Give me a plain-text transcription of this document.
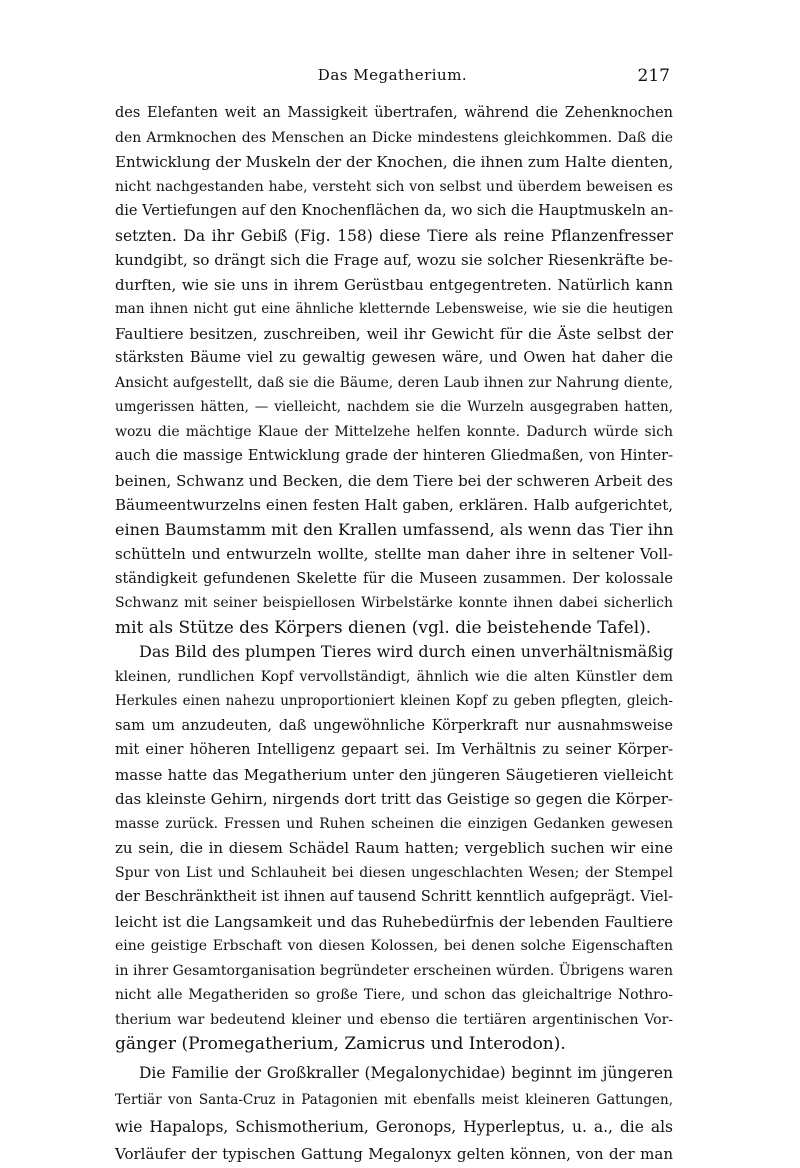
Das Megatherium.	217
des Elefanten weit an Massigkeit übertrafen, während die Zehenknochen
den Armknochen des Menschen an Dicke mindestens gleichkommen. Daß die
Entwicklung der Muskeln der der Knochen, die ihnen zum Halte dienten,
nicht nachgestanden habe, versteht sich von selbst und überdem beweisen es
die Vertiefungen auf den Knochenflächen da, wo sich die Hauptmuskeln an-
setzten. Da ihr Gebiß (Fig. 158) diese Tiere als reine Pflanzenfresser
kundgibt, so drängt sich die Frage auf, wozu sie solcher Riesenkräfte be-
durften, wie sie uns in ihrem Gerüstbau entgegentreten. Natürlich kann
man ihnen nicht gut eine ähnliche kletternde Lebensweise, wie sie die heutigen
Faultiere besitzen, zuschreiben, weil ihr Gewicht für die Äste selbst der
stärksten Bäume viel zu gewaltig gewesen wäre, und Owen hat daher die
Ansicht aufgestellt, daß sie die Bäume, deren Laub ihnen zur Nahrung diente,
umgerissen hätten, — vielleicht, nachdem sie die Wurzeln ausgegraben hatten,
wozu die mächtige Klaue der Mittelzehe helfen konnte. Dadurch würde sich
auch die massige Entwicklung grade der hinteren Gliedmaßen, von Hinter-
beinen, Schwanz und Becken, die dem Tiere bei der schweren Arbeit des
Bäumeentwurzelns einen festen Halt gaben, erklären. Halb aufgerichtet,
einen Baumstamm mit den Krallen umfassend, als wenn das Tier ihn
schütteln und entwurzeln wollte, stellte man daher ihre in seltener Voll-
ständigkeit gefundenen Skelette für die Museen zusammen. Der kolossale
Schwanz mit seiner beispiellosen Wirbelstärke konnte ihnen dabei sicherlich
mit als Stütze des Körpers dienen (vgl. die beistehende Tafel).
Das Bild des plumpen Tieres wird durch einen unverhältnismäßig
kleinen, rundlichen Kopf vervollständigt, ähnlich wie die alten Künstler dem
Herkules einen nahezu unproportioniert kleinen Kopf zu geben pflegten, gleich-
sam um anzudeuten, daß ungewöhnliche Körperkraft nur ausnahmsweise
mit einer höheren Intelligenz gepaart sei. Im Verhältnis zu seiner Körper-
masse hatte das Megatherium unter den jüngeren Säugetieren vielleicht
das kleinste Gehirn, nirgends dort tritt das Geistige so gegen die Körper-
masse zurück. Fressen und Ruhen scheinen die einzigen Gedanken gewesen
zu sein, die in diesem Schädel Raum hatten; vergeblich suchen wir eine
Spur von List und Schlauheit bei diesen ungeschlachten Wesen; der Stempel
der Beschränktheit ist ihnen auf tausend Schritt kenntlich aufgeprägt. Viel-
leicht ist die Langsamkeit und das Ruhebedürfnis der lebenden Faultiere
eine geistige Erbschaft von diesen Kolossen, bei denen solche Eigenschaften
in ihrer Gesamtorganisation begründeter erscheinen würden. Übrigens waren
nicht alle Megatheriden so große Tiere, und schon das gleichaltrige Nothro-
therium war bedeutend kleiner und ebenso die tertiären argentinischen Vor-
gänger (Promegatherium, Zamicrus und Interodon).
Die Familie der Großkraller (Megalonychidae) beginnt im jüngeren
Tertiär von Santa-Cruz in Patagonien mit ebenfalls meist kleineren Gattungen,
wie Hapalops, Schismotherium, Geronops, Hyperleptus, u. a., die als
Vorläufer der typischen Gattung Megalonyx gelten können, von der man
